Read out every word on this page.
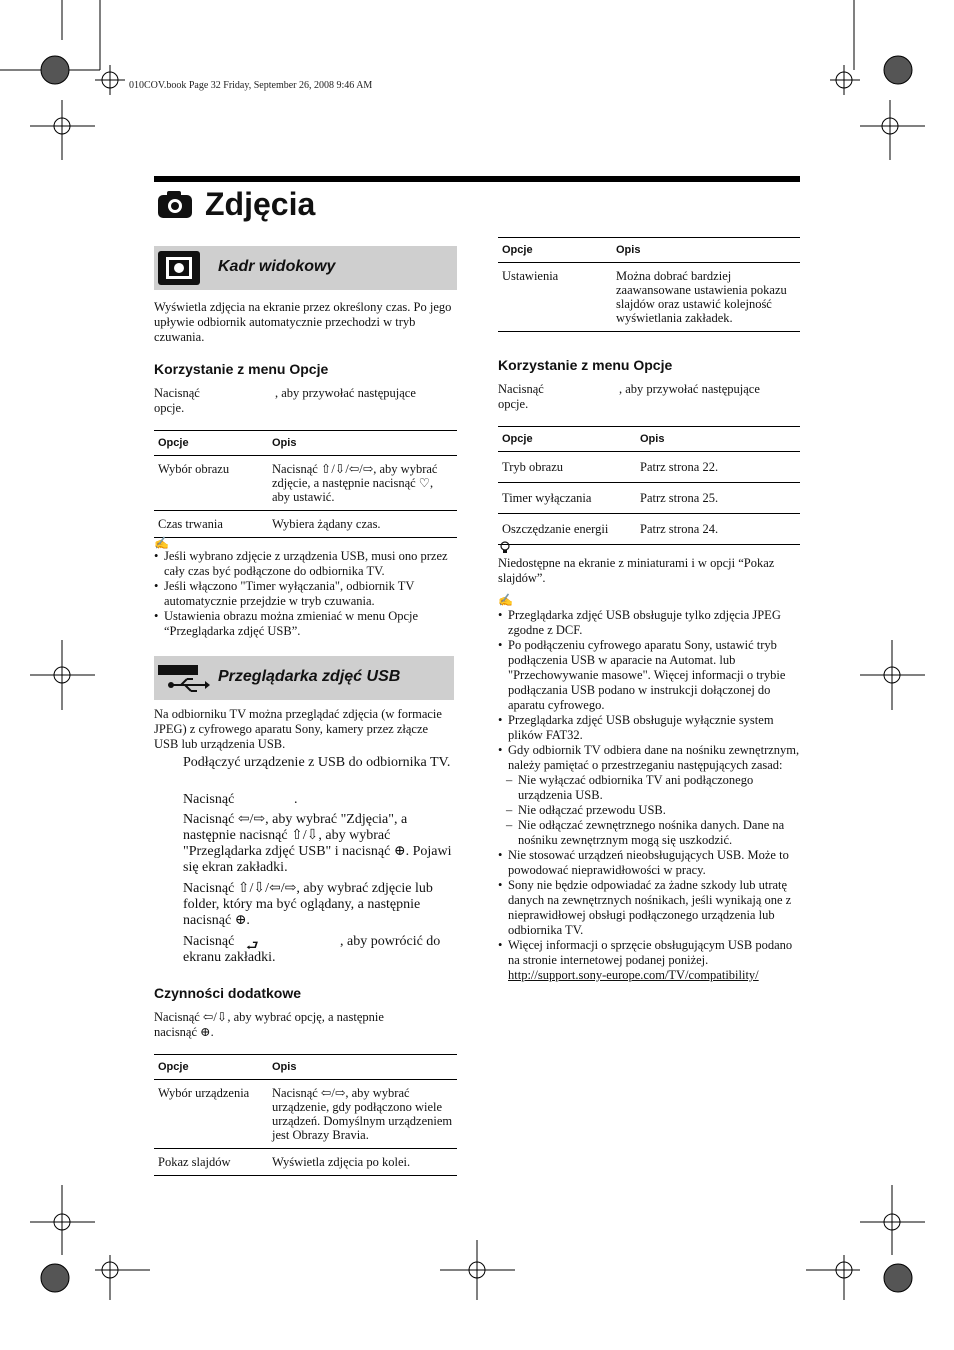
010COV.book Page 32 Friday, September 26, 2008 9:46 AM
Zdjęcia
Kadr widokowy
Wyświetla zdjęcia na ekranie przez określony czas. Po jego upływie odbiornik automatycznie przechodzi w tryb czuwania.
Korzystanie z menu Opcje
Nacisnąć	, aby przywołać następujące
opcje.
Opcje	Opis
Wybór obrazu	Nacisnąć ⇧/⇩/⇦/⇨, aby wybrać zdjęcie, a następnie nacisnąć ♡, aby ustawić.
Czas trwania	Wybiera żądany czas.
✍
• Jeśli wybrano zdjęcie z urządzenia USB, musi ono przez cały czas być podłączone do odbiornika TV.
• Jeśli włączono "Timer wyłączania", odbiornik TV automatycznie przejdzie w tryb czuwania.
• Ustawienia obrazu można zmieniać w menu Opcje “Przeglądarka zdjęć USB”.
Przeglądarka zdjęć USB
Na odbiorniku TV można przeglądać zdjęcia (w formacie JPEG) z cyfrowego aparatu Sony, kamery przez złącze USB lub urządzenia USB.
Podłączyć urządzenie z USB do odbiornika TV.
Nacisnąć	.
Nacisnąć ⇦/⇨, aby wybrać "Zdjęcia", a następnie nacisnąć ⇧/⇩, aby wybrać "Przeglądarka zdjęć USB" i nacisnąć ⊕. Pojawi się ekran zakładki.
Nacisnąć ⇧/⇩/⇦/⇨, aby wybrać zdjęcie lub folder, który ma być oglądany, a następnie nacisnąć ⊕.
Nacisnąć ⮐	, aby powrócić do
ekranu zakładki.
Czynności dodatkowe
Nacisnąć ⇦/⇩, aby wybrać opcję, a następnie nacisnąć ⊕.
Opcje	Opis
Wybór urządzenia	Nacisnąć ⇦/⇨, aby wybrać urządzenie, gdy podłączono wiele urządzeń. Domyślnym urządzeniem jest Obrazy Bravia.
Pokaz slajdów	Wyświetla zdjęcia po kolei.
Opcje	Opis
Ustawienia	Można dobrać bardziej zaawansowane ustawienia pokazu slajdów oraz ustawić kolejność wyświetlania zakładek.
Korzystanie z menu Opcje
Nacisnąć	, aby przywołać następujące
opcje.
Opcje	Opis
Tryb obrazu	Patrz strona 22.
Timer wyłączania	Patrz strona 25.
Oszczędzanie energii	Patrz strona 24.
Niedostępne na ekranie z miniaturami i w opcji “Pokaz slajdów”.
✍
• Przeglądarka zdjęć USB obsługuje tylko zdjęcia JPEG zgodne z DCF.
• Po podłączeniu cyfrowego aparatu Sony, ustawić tryb podłączenia USB w aparacie na Automat. lub "Przechowywanie masowe". Więcej informacji o trybie podłączania USB podano w instrukcji dołączonej do aparatu cyfrowego.
• Przeglądarka zdjęć USB obsługuje wyłącznie system plików FAT32.
• Gdy odbiornik TV odbiera dane na nośniku zewnętrznym, należy pamiętać o przestrzeganiu następujących zasad:
– Nie wyłączać odbiornika TV ani podłączonego urządzenia USB.
– Nie odłączać przewodu USB.
– Nie odłączać zewnętrznego nośnika danych. Dane na nośniku zewnętrznym mogą się uszkodzić.
• Nie stosować urządzeń nieobsługujących USB. Może to powodować nieprawidłowości w pracy.
• Sony nie będzie odpowiadać za żadne szkody lub utratę danych na zewnętrznych nośnikach, jeśli wynikają one z nieprawidłowej obsługi podłączonego urządzenia lub odbiornika TV.
• Więcej informacji o sprzęcie obsługującym USB podano na stronie internetowej podanej poniżej.
http://support.sony-europe.com/TV/compatibility/
